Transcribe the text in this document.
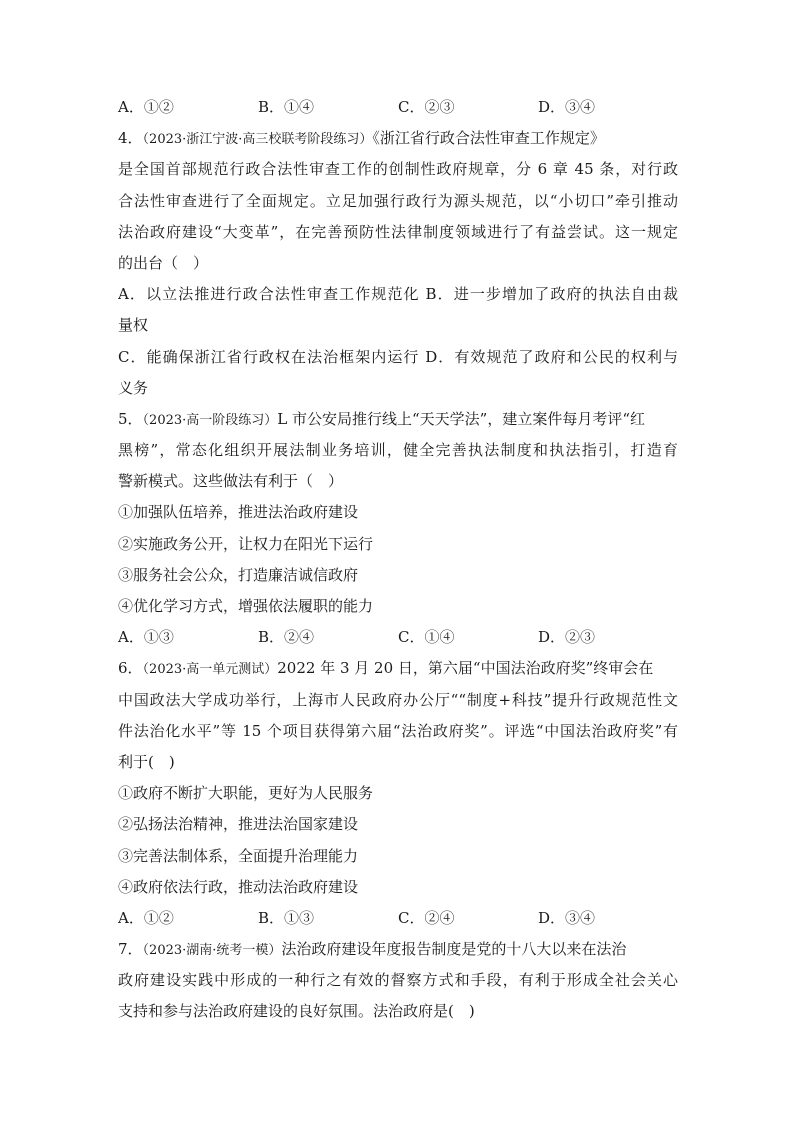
A．①②	B．①④	C．②③	D．③④
4．（2023·浙江宁波·高三校联考阶段练习）《浙江省行政合法性审查工作规定》
是全国首部规范行政合法性审查工作的创制性政府规章，分 6 章 45 条，对行政
合法性审查进行了全面规定。立足加强行政行为源头规范，以“小切口”牵引推动
法治政府建设“大变革”，在完善预防性法律制度领域进行了有益尝试。这一规定
的出台（　）
A．以立法推进行政合法性审查工作规范化 B．进一步增加了政府的执法自由裁
量权
C．能确保浙江省行政权在法治框架内运行 D．有效规范了政府和公民的权利与
义务
5．（2023·高一阶段练习）L 市公安局推行线上“天天学法”，建立案件每月考评“红
黑榜”，常态化组织开展法制业务培训，健全完善执法制度和执法指引，打造育
警新模式。这些做法有利于（　）
①加强队伍培养，推进法治政府建设
②实施政务公开，让权力在阳光下运行
③服务社会公众，打造廉洁诚信政府
④优化学习方式，增强依法履职的能力
A．①③	B．②④	C．①④	D．②③
6．（2023·高一单元测试）2022 年 3 月 20 日，第六届“中国法治政府奖”终审会在
中国政法大学成功举行，上海市人民政府办公厅““制度+科技”提升行政规范性文
件法治化水平”等 15 个项目获得第六届“法治政府奖”。评选“中国法治政府奖”有
利于(　)
①政府不断扩大职能，更好为人民服务
②弘扬法治精神，推进法治国家建设
③完善法制体系，全面提升治理能力
④政府依法行政，推动法治政府建设
A．①②	B．①③	C．②④	D．③④
7．（2023·湖南·统考一模）法治政府建设年度报告制度是党的十八大以来在法治
政府建设实践中形成的一种行之有效的督察方式和手段，有利于形成全社会关心
支持和参与法治政府建设的良好氛围。法治政府是(　)
